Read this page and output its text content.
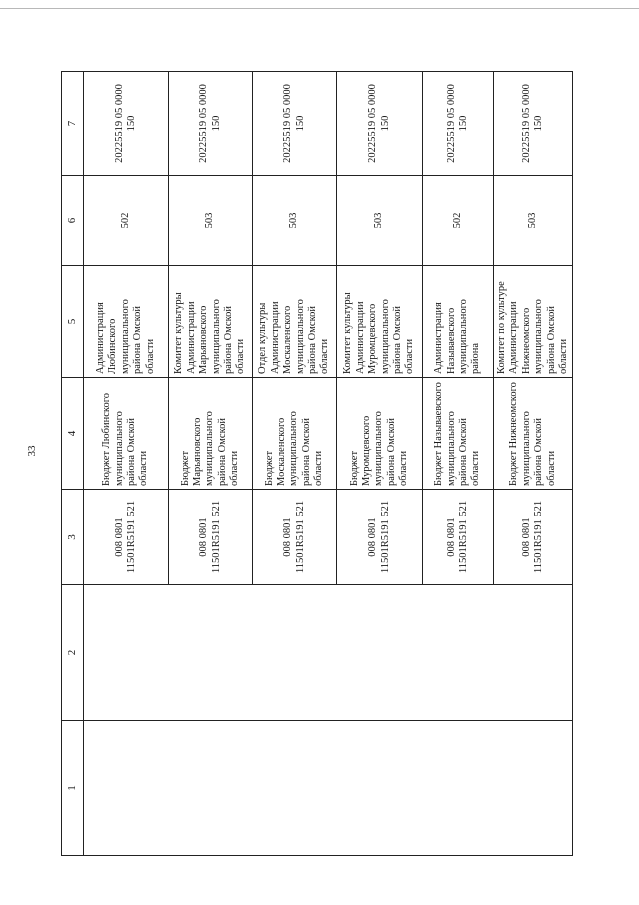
33
1	2	3	4	5	6	7
		008 0801 11501R5191 521	Бюджет Любинского муниципального района Омской области	Администрация Любинского муниципального района Омской области	502	20225519 05 0000 150
		008 0801 11501R5191 521	Бюджет Марьяновского муниципального района Омской области	Комитет культуры Администрации Марьяновского муниципального района Омской области	503	20225519 05 0000 150
		008 0801 11501R5191 521	Бюджет Москаленского муниципального района Омской области	Отдел культуры Администрации Москаленского муниципального района Омской области	503	20225519 05 0000 150
		008 0801 11501R5191 521	Бюджет Муромцевского муниципального района Омской области	Комитет культуры Администрации Муромцевского муниципального района Омской области	503	20225519 05 0000 150
		008 0801 11501R5191 521	Бюджет Называевского муниципального района Омской области	Администрация Называевского муниципального района	502	20225519 05 0000 150
		008 0801 11501R5191 521	Бюджет Нижнеомского муниципального района Омской области	Комитет по культуре Администрации Нижнеомского муниципального района Омской области	503	20225519 05 0000 150
